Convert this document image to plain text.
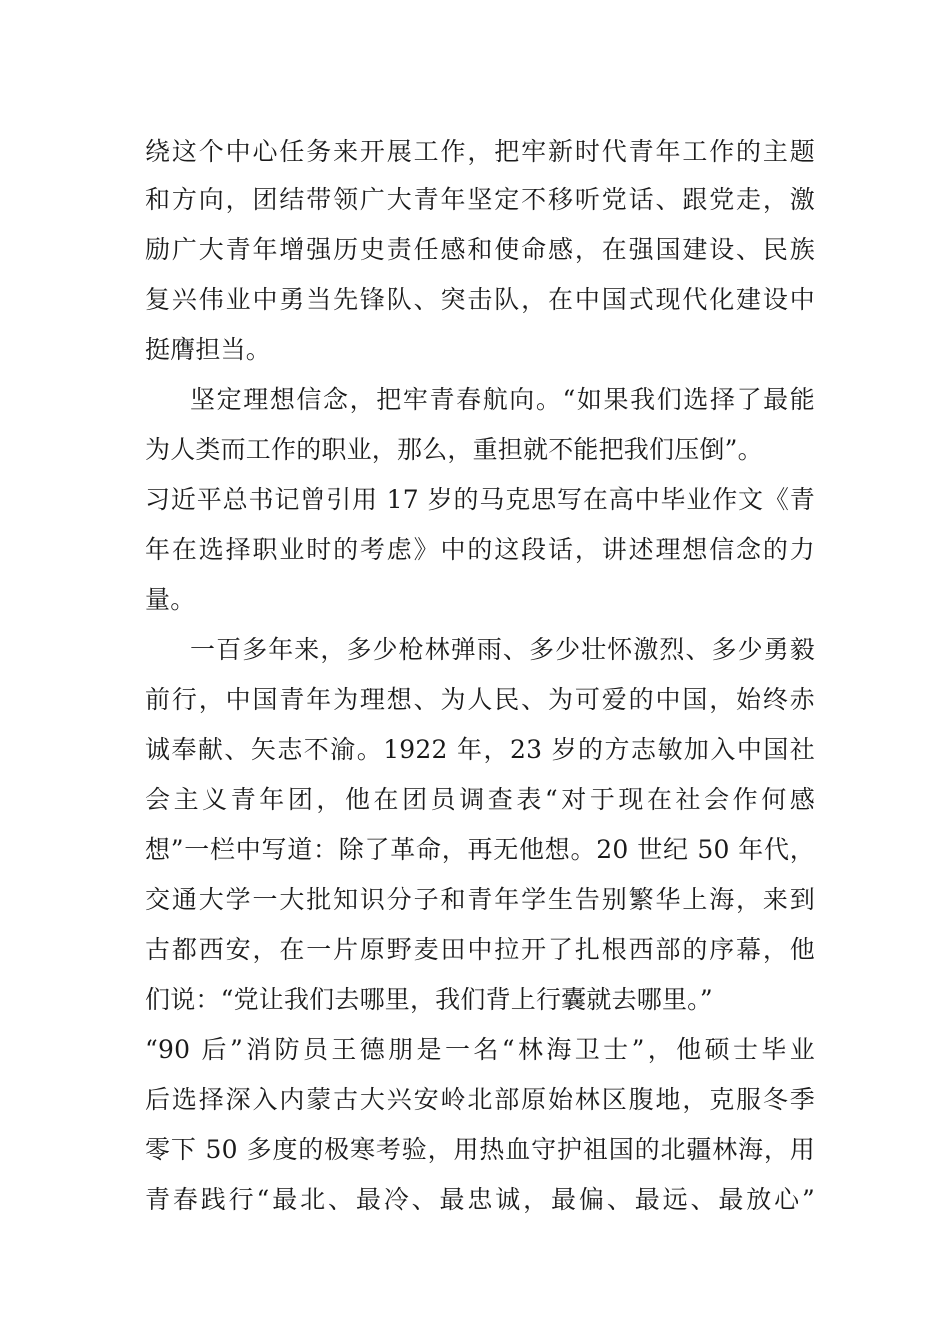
绕这个中心任务来开展工作，把牢新时代青年工作的主题
和方向，团结带领广大青年坚定不移听党话、跟党走，激
励广大青年增强历史责任感和使命感，在强国建设、民族
复兴伟业中勇当先锋队、突击队，在中国式现代化建设中
挺膺担当。
坚定理想信念，把牢青春航向。“如果我们选择了最能
为人类而工作的职业，那么，重担就不能把我们压倒”。
习近平总书记曾引用 17 岁的马克思写在高中毕业作文《青
年在选择职业时的考虑》中的这段话，讲述理想信念的力
量。
一百多年来，多少枪林弹雨、多少壮怀激烈、多少勇毅
前行，中国青年为理想、为人民、为可爱的中国，始终赤
诚奉献、矢志不渝。1922 年，23 岁的方志敏加入中国社
会主义青年团，他在团员调查表“对于现在社会作何感
想”一栏中写道：除了革命，再无他想。20 世纪 50 年代，
交通大学一大批知识分子和青年学生告别繁华上海，来到
古都西安，在一片原野麦田中拉开了扎根西部的序幕，他
们说：“党让我们去哪里，我们背上行囊就去哪里。”
“90 后”消防员王德朋是一名“林海卫士”，他硕士毕业
后选择深入内蒙古大兴安岭北部原始林区腹地，克服冬季
零下 50 多度的极寒考验，用热血守护祖国的北疆林海，用
青春践行“最北、最冷、最忠诚，最偏、最远、最放心”
